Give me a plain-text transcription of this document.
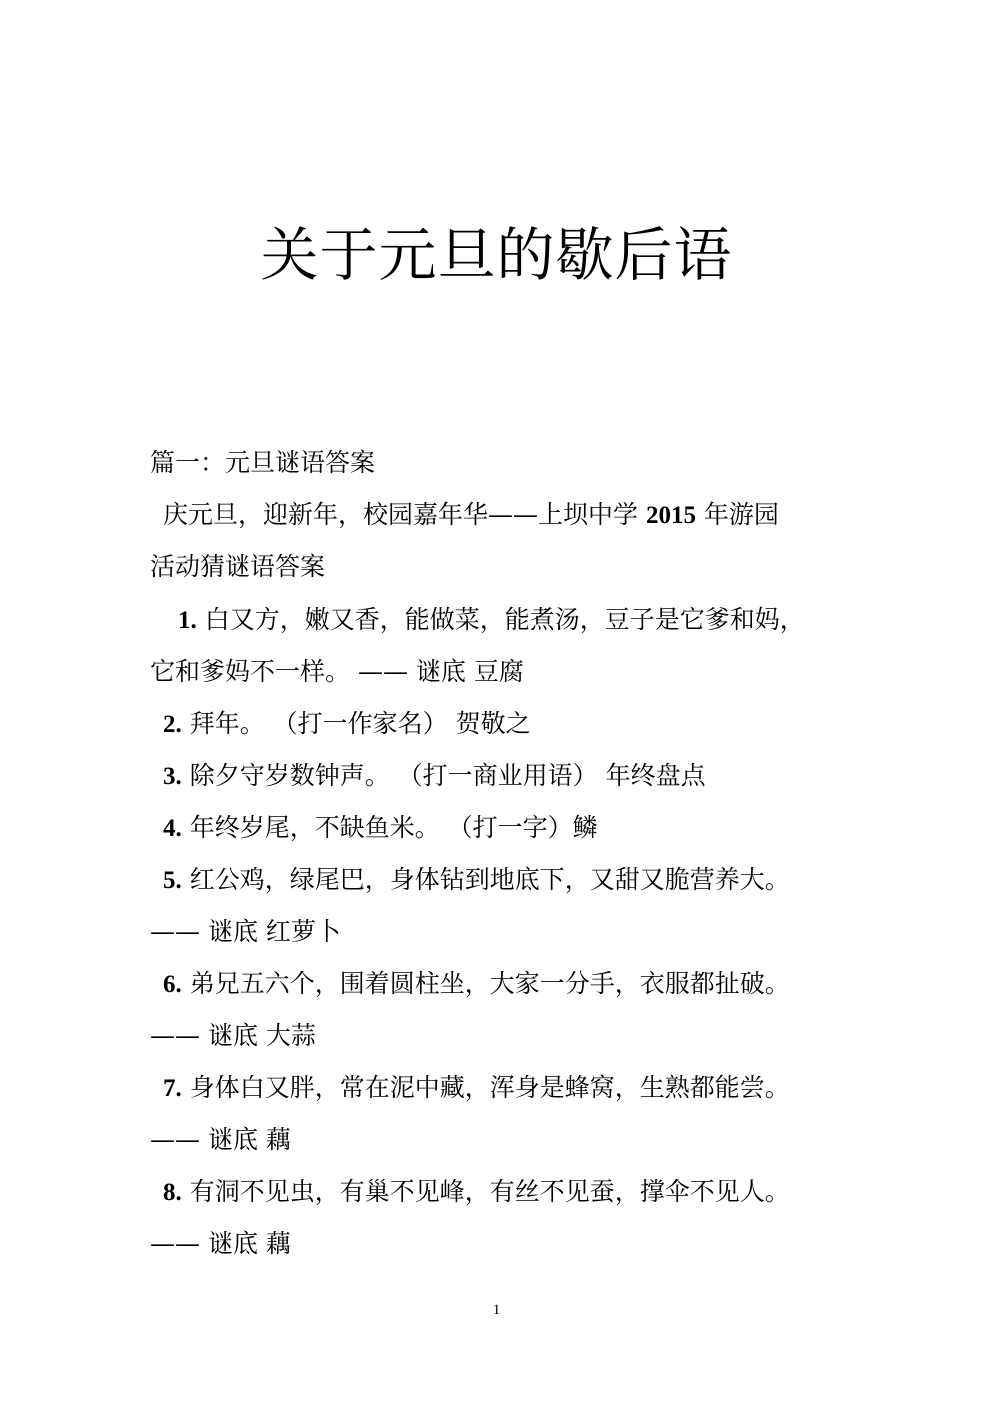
关于元旦的歇后语
篇一：元旦谜语答案
庆元旦，迎新年，校园嘉年华——上坝中学 2015 年游园
活动猜谜语答案
1. 白又方，嫩又香，能做菜，能煮汤，豆子是它爹和妈，
它和爹妈不一样。 —— 谜底 豆腐
2. 拜年。 （打一作家名） 贺敬之
3. 除夕守岁数钟声。 （打一商业用语） 年终盘点
4. 年终岁尾，不缺鱼米。 （打一字）鳞
5. 红公鸡，绿尾巴，身体钻到地底下，又甜又脆营养大。
—— 谜底 红萝卜
6. 弟兄五六个，围着圆柱坐，大家一分手，衣服都扯破。
—— 谜底 大蒜
7. 身体白又胖，常在泥中藏，浑身是蜂窝，生熟都能尝。
—— 谜底 藕
8. 有洞不见虫，有巢不见峰，有丝不见蚕，撑伞不见人。
—— 谜底 藕
1
